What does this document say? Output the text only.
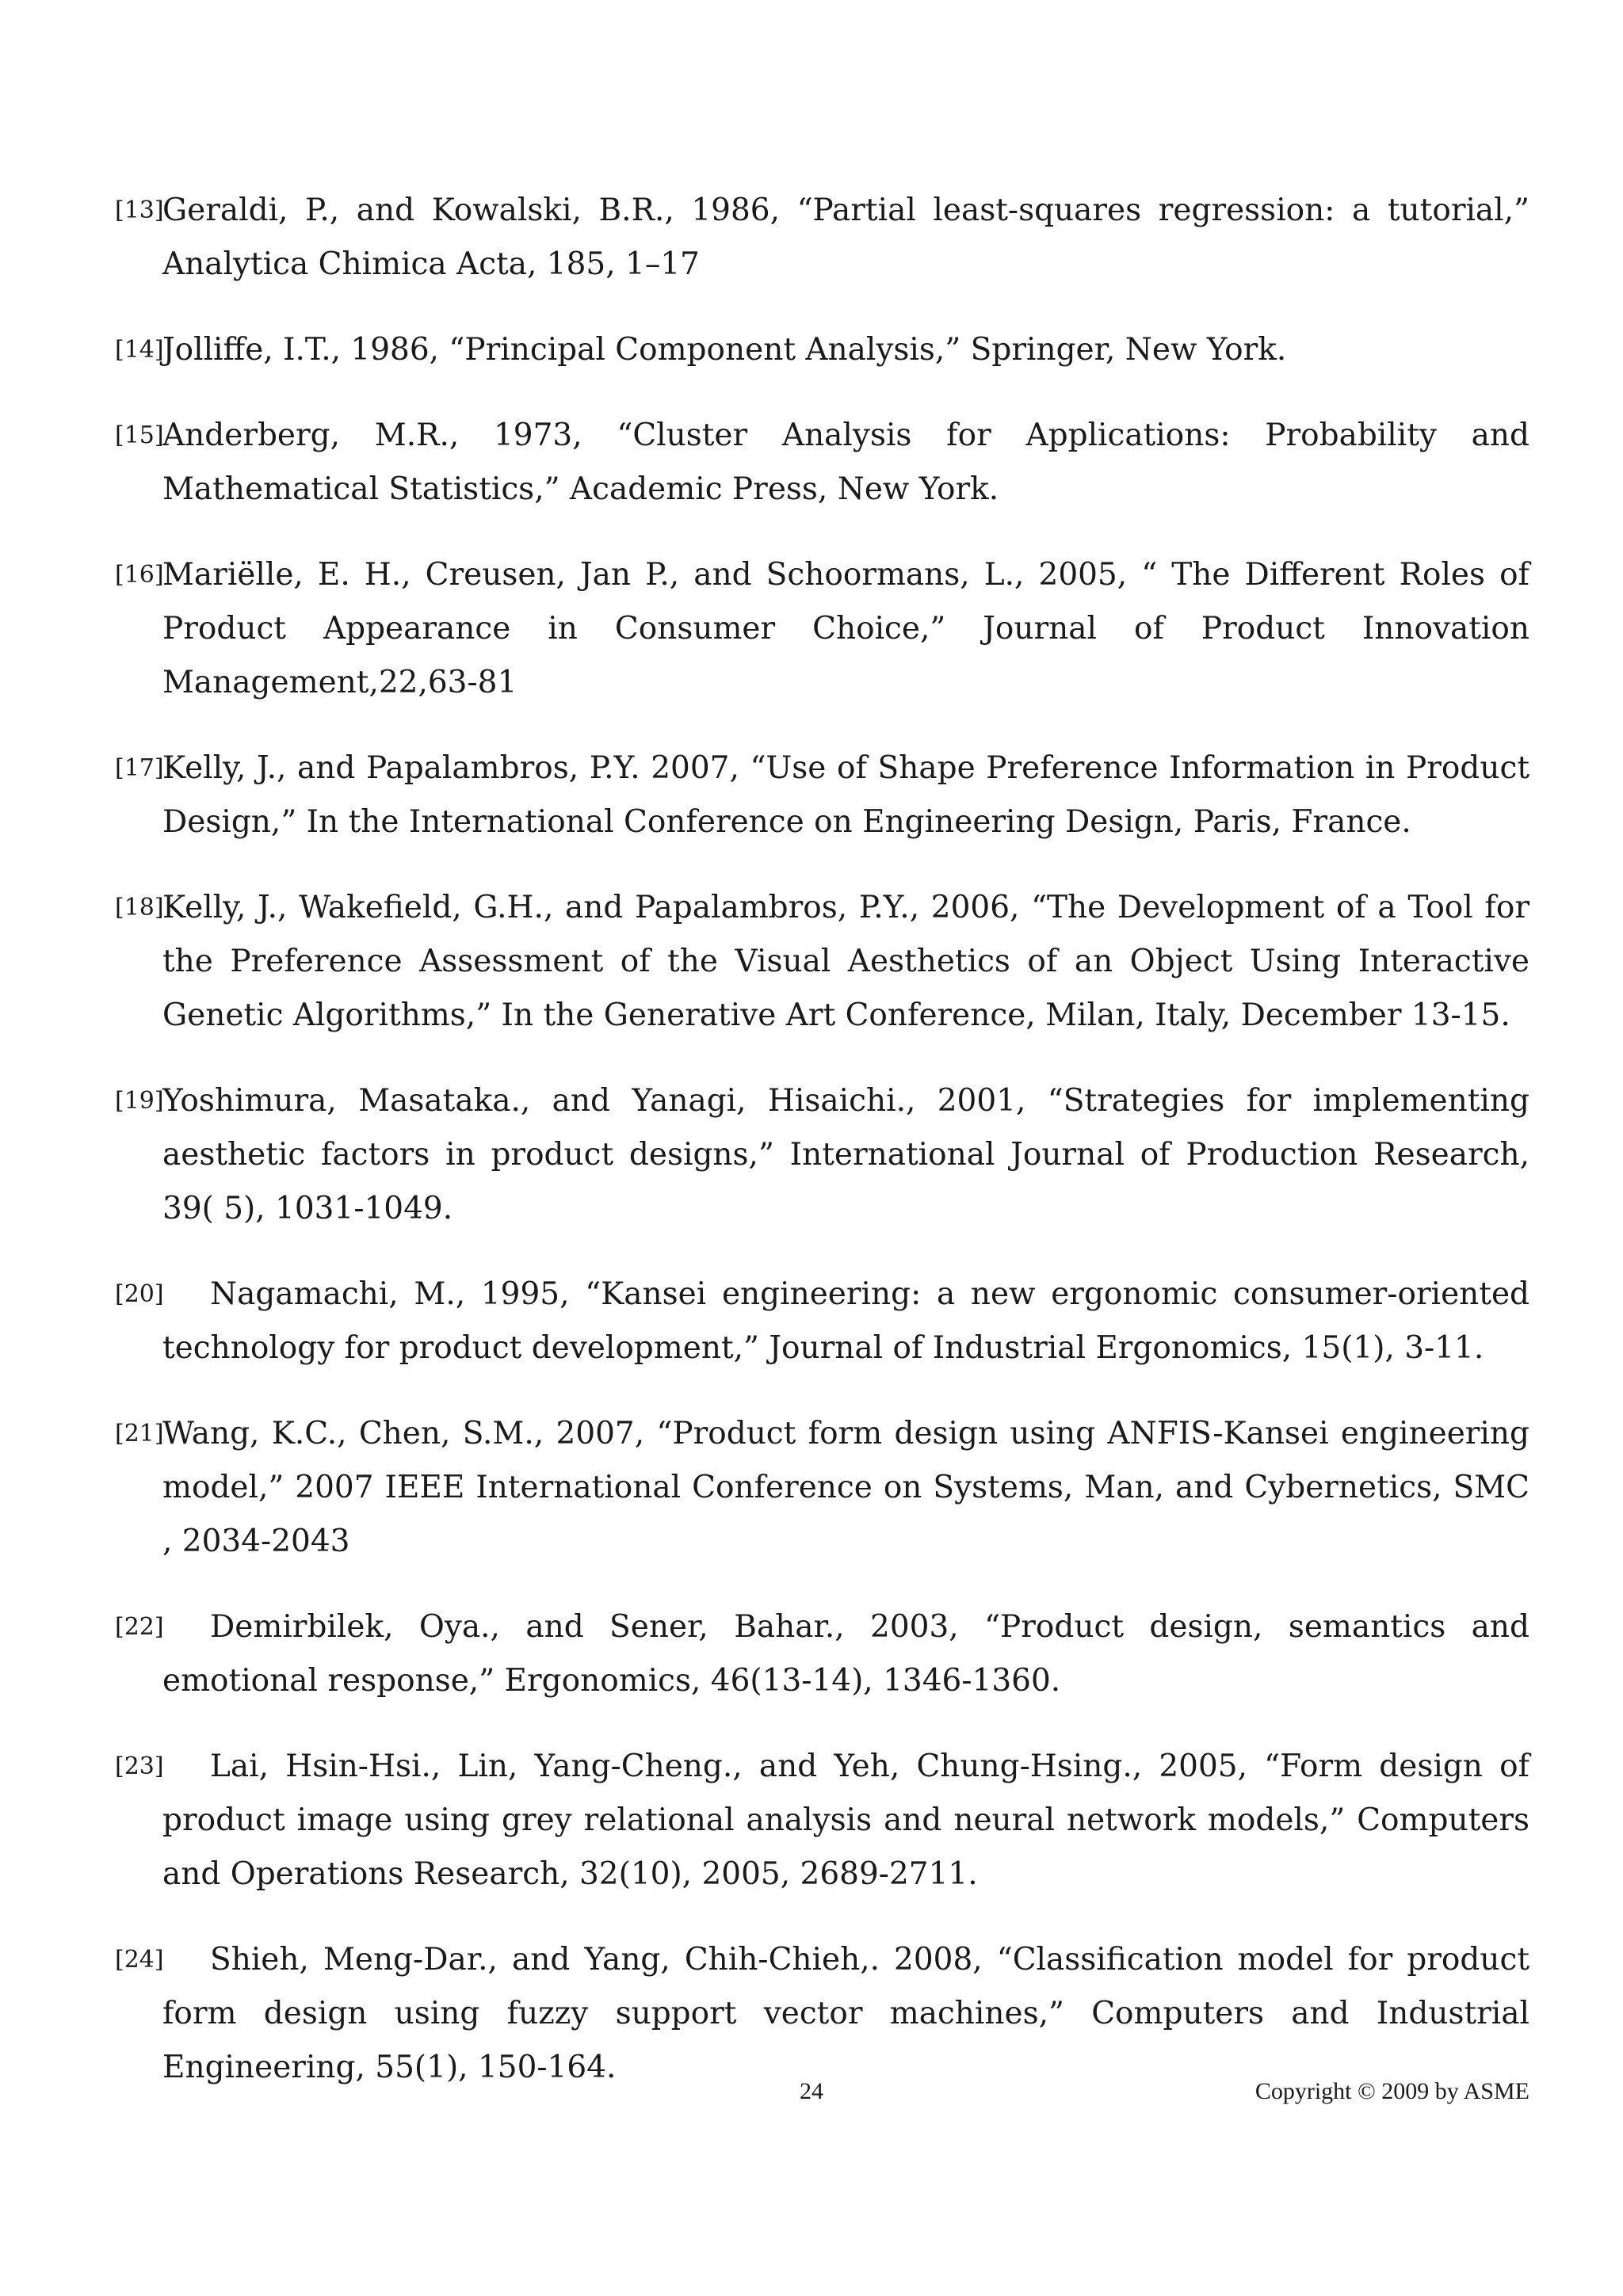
[13]
Geraldi, P., and Kowalski, B.R., 1986, “Partial least-squares regression: a tutorial,” Analytica Chimica Acta, 185, 1–17
[14]
Jolliffe, I.T., 1986, “Principal Component Analysis,” Springer, New York.
[15]
Anderberg, M.R., 1973, “Cluster Analysis for Applications: Probability and Mathematical Statistics,” Academic Press, New York.
[16]
Mariëlle, E. H., Creusen, Jan P., and Schoormans, L., 2005, “ The Different Roles of Product Appearance in Consumer Choice,” Journal of Product Innovation Management,22,63-81
[17]
Kelly, J., and Papalambros, P.Y. 2007, “Use of Shape Preference Information in Product Design,” In the International Conference on Engineering Design, Paris, France.
[18]
Kelly, J., Wakefield, G.H., and Papalambros, P.Y., 2006, “The Development of a Tool for the Preference Assessment of the Visual Aesthetics of an Object Using Interactive Genetic Algorithms,” In the Generative Art Conference, Milan, Italy, December 13-15.
[19]
Yoshimura, Masataka., and Yanagi, Hisaichi., 2001, “Strategies for implementing aesthetic factors in product designs,” International Journal of Production Research, 39( 5), 1031-1049.
[20] Nagamachi, M., 1995, “Kansei engineering: a new ergonomic consumer-oriented technology for product development,” Journal of Industrial Ergonomics, 15(1), 3-11.
[21]
Wang, K.C., Chen, S.M., 2007, “Product form design using ANFIS-Kansei engineering model,” 2007 IEEE International Conference on Systems, Man, and Cybernetics, SMC , 2034-2043
[22] Demirbilek, Oya., and Sener, Bahar., 2003, “Product design, semantics and emotional response,” Ergonomics, 46(13-14), 1346-1360.
[23] Lai, Hsin-Hsi., Lin, Yang-Cheng., and Yeh, Chung-Hsing., 2005, “Form design of product image using grey relational analysis and neural network models,” Computers and Operations Research, 32(10), 2005, 2689-2711.
[24] Shieh, Meng-Dar., and Yang, Chih-Chieh,. 2008, “Classification model for product form design using fuzzy support vector machines,” Computers and Industrial Engineering, 55(1), 150-164.
24	Copyright © 2009 by ASME
